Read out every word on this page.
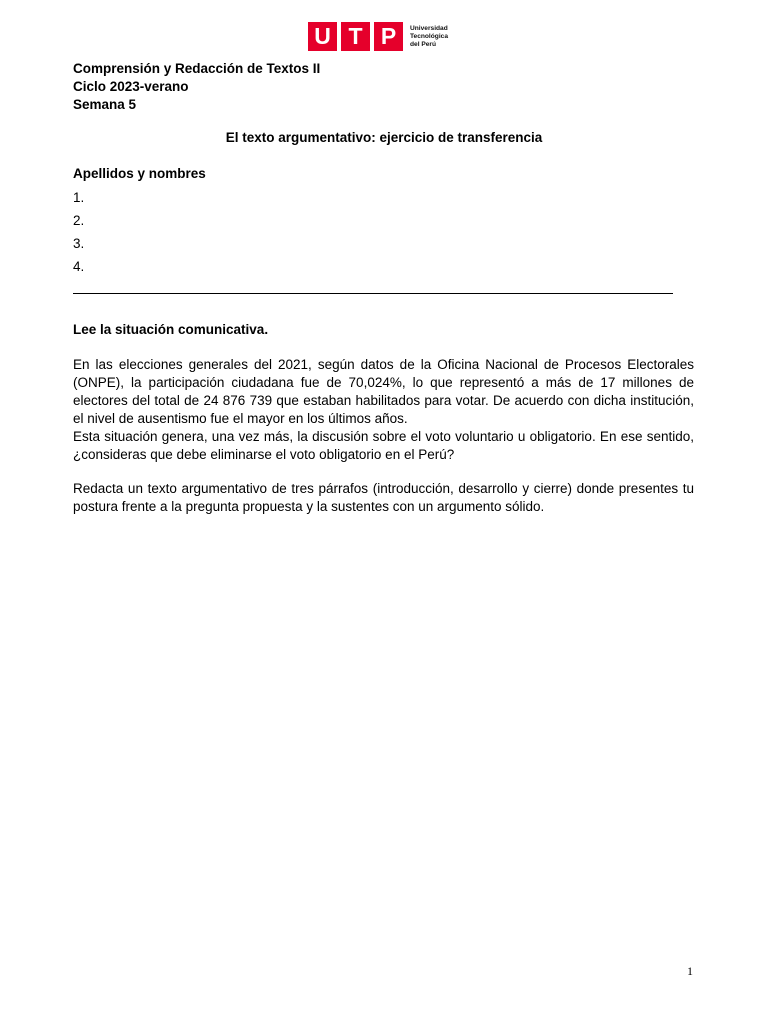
U T P	Universidad
Tecnológica
del Perú
Comprensión y Redacción de Textos II
Ciclo 2023-verano
Semana 5
El texto argumentativo: ejercicio de transferencia
Apellidos y nombres
1.
2.
3.
4.
Lee la situación comunicativa.
En las elecciones generales del 2021, según datos de la Oficina Nacional de Procesos Electorales (ONPE), la participación ciudadana fue de 70,024%, lo que representó a más de 17 millones de electores del total de 24 876 739 que estaban habilitados para votar. De acuerdo con dicha institución, el nivel de ausentismo fue el mayor en los últimos años.
Esta situación genera, una vez más, la discusión sobre el voto voluntario u obligatorio. En ese sentido, ¿consideras que debe eliminarse el voto obligatorio en el Perú?
Redacta un texto argumentativo de tres párrafos (introducción, desarrollo y cierre) donde presentes tu postura frente a la pregunta propuesta y la sustentes con un argumento sólido.
1
